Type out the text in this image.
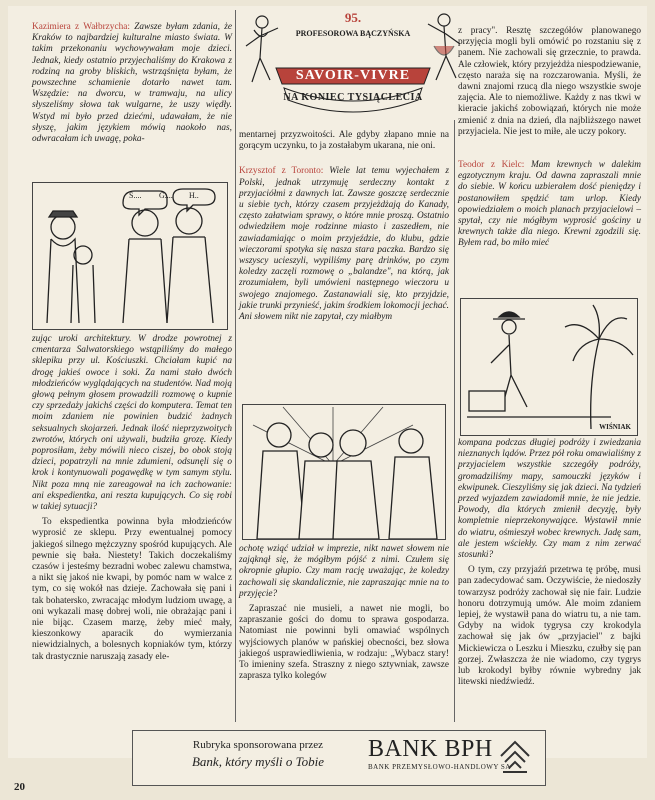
95.
PROFESOROWA BĄCZYŃSKA
SAVOIR-VIVRE
NA KONIEC TYSIĄCLECIA

Kazimiera z Wałbrzycha: Zawsze byłam zdania, że Kraków to najbardziej kulturalne miasto świata. W takim przekonaniu wychowywałam moje dzieci. Jednak, kiedy ostatnio przyjechaliśmy do Krakowa z rodziną na groby bliskich, wstrząśnięta byłam, że powszechne schamienie dotarło nawet tam. Wszędzie: na dworcu, w tramwaju, na ulicy słyszeliśmy słowa tak wulgarne, że uszy więdły. Wstyd mi było przed dziećmi, udawałam, że nie słyszę, jakim językiem mówią naokoło nas, odwracałam ich uwagę, poka-

S.... G.... H..

zując uroki architektury. W drodze powrotnej z cmentarza Salwatorskiego wstąpiliśmy do małego sklepiku przy ul. Kościuszki. Chciałam kupić na drogę jakieś owoce i soki. Za nami stało dwóch młodzieńców wyglądających na studentów. Nad moją głową pełnym głosem prowadzili rozmowę o kupnie czy sprzedaży jakichś części do komputera. Temat ten moim zdaniem nie powinien budzić żadnych seksualnych skojarzeń. Jednak ilość nieprzyzwoitych zwrotów, których oni używali, budziła grozę. Kiedy poprosiłam, żeby mówili nieco ciszej, bo obok stoją dzieci, popatrzyli na mnie zdumieni, odsunęli się o krok i kontynuowali pogawędkę w tym samym stylu. Nikt poza mną nie zareagował na ich zachowanie: ani ekspedientka, ani reszta kupujących. Co się robi w takiej sytuacji?

To ekspedientka powinna była młodzieńców wyprosić ze sklepu. Przy ewentualnej pomocy jakiegoś silnego mężczyzny spośród kupujących. Ale pewnie się bała. Niestety! Takich doczekaliśmy czasów i jesteśmy bezradni wobec zalewu chamstwa, a nikt się jakoś nie kwapi, by pomóc nam w walce z tym, co się wokół nas dzieje. Zachowała się pani i tak bohatersko, zwracając młodym ludziom uwagę, a oni wykazali masę dobrej woli, nie obrażając pani i nie bijąc. Czasem marzę, żeby mieć mały, kieszonkowy aparacik do wymierzania niewidzialnych, a bolesnych kopniaków tym, którzy tak drastycznie naruszają zasady ele-

mentarnej przyzwoitości. Ale gdyby złapano mnie na gorącym uczynku, to ja zostałabym ukarana, nie oni.

Krzysztof z Toronto: Wiele lat temu wyjechałem z Polski, jednak utrzymuję serdeczny kontakt z przyjaciółmi z dawnych lat. Zawsze goszczę serdecznie u siebie tych, którzy czasem przyjeżdżają do Kanady, często załatwiam sprawy, o które mnie proszą. Ostatnio odwiedziłem moje rodzinne miasto i zaszedłem, nie zawiadamiając o moim przyjeździe, do klubu, gdzie wieczorami spotyka się nasza stara paczka. Bardzo się wszyscy ucieszyli, wypiliśmy parę drinków, po czym koledzy zaczęli rozmowę o „balandze", na którą, jak zrozumiałem, byli umówieni następnego wieczoru u swojego znajomego. Zastanawiali się, kto przyjdzie, jakie trunki przynieść, jakim środkiem lokomocji jechać. Ani słowem nikt nie zapytał, czy miałbym

ochotę wziąć udział w imprezie, nikt nawet słowem nie zająknął się, że mógłbym pójść z nimi. Czułem się okropnie głupio. Czy mam rację uważając, że koledzy zachowali się skandalicznie, nie zapraszając mnie na to przyjęcie?

Zapraszać nie musieli, a nawet nie mogli, bo zapraszanie gości do domu to sprawa gospodarza. Natomiast nie powinni byli omawiać wspólnych wyjściowych planów w pańskiej obecności, bez słowa jakiegoś usprawiedliwienia, w rodzaju: „Wybacz stary! To imieniny szefa. Straszny z niego sztywniak, zawsze zaprasza tylko kolegów

z pracy". Resztę szczegółów planowanego przyjęcia mogli byli omówić po rozstaniu się z panem. Nie zachowali się grzecznie, to prawda. Ale człowiek, który przyjeżdża niespodziewanie, często naraża się na rozczarowania. Myśli, że dawni znajomi rzucą dla niego wszystkie swoje zajęcia. Ale to niemożliwe. Każdy z nas tkwi w kieracie jakichś zobowiązań, których nie może zmienić z dnia na dzień, dla najbliższego nawet przyjaciela. Nie jest to miłe, ale uczy pokory.

Teodor z Kielc: Mam krewnych w dalekim egzotycznym kraju. Od dawna zapraszali mnie do siebie. W końcu uzbierałem dość pieniędzy i postanowiłem spędzić tam urlop. Kiedy opowiedziałem o moich planach przyjacielowi – spytał, czy nie mógłbym wyprosić gościny u krewnych także dla niego. Krewni zgodzili się. Byłem rad, bo miło mieć

WIŚNIAK

kompana podczas długiej podróży i zwiedzania nieznanych lądów. Przez pół roku omawialiśmy z przyjacielem wszystkie szczegóły podróży, gromadziliśmy mapy, samouczki języków i ekwipunek. Cieszyliśmy się jak dzieci. Na tydzień przed wyjazdem zawiadomił mnie, że nie jedzie. Powody, dla których zmienił decyzję, były kompletnie nieprzekonywające. Wystawił mnie do wiatru, ośmieszył wobec krewnych. Jadę sam, ale jestem wściekły. Czy mam z nim zerwać stosunki?

O tym, czy przyjaźń przetrwa tę próbę, musi pan zadecydować sam. Oczywiście, że niedoszły towarzysz podróży zachował się nie fair. Ludzie honoru dotrzymują umów. Ale moim zdaniem lepiej, że wystawił pana do wiatru tu, a nie tam. Gdyby na widok tygrysa czy krokodyla zachował się jak ów „przyjaciel" z bajki Mickiewicza o Leszku i Mieszku, czułby się pan gorzej. Zwłaszcza że nie wiadomo, czy tygrys lub krokodyl byłby równie wybredny jak litewski niedźwiedź.

Rubryka sponsorowana przez
Bank, który myśli o Tobie	BANK BPH
BANK PRZEMYSŁOWO-HANDLOWY SA
20
